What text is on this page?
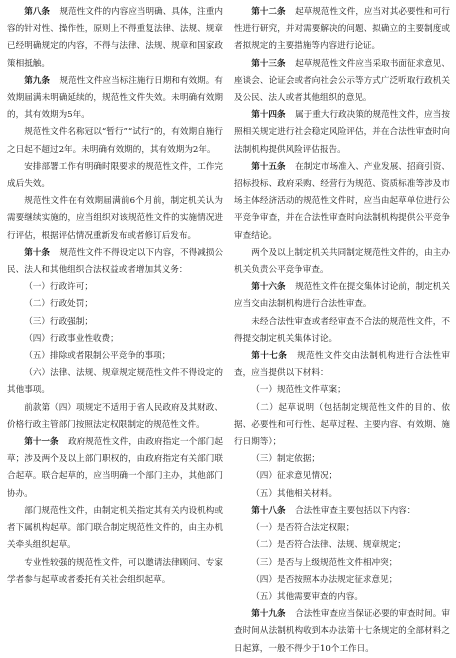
第八条 规范性文件的内容应当明确、具体，注重内容的针对性、操作性，原则上不得重复法律、法规、规章已经明确规定的内容，不得与法律、法规、规章和国家政策相抵触。

第九条 规范性文件应当标注施行日期和有效期。有效期届满未明确延续的，规范性文件失效。未明确有效期的，其有效期为5年。

规范性文件名称冠以“暂行”“试行”的，有效期自施行之日起不超过2年。未明确有效期的，其有效期为2年。

安排部署工作有明确时限要求的规范性文件，工作完成后失效。

规范性文件在有效期届满前6个月前，制定机关认为需要继续实施的，应当组织对该规范性文件的实施情况进行评估，根据评估情况重新发布或者修订后发布。

第十条 规范性文件不得设定以下内容，不得减损公民、法人和其他组织合法权益或者增加其义务：

（一）行政许可；

（二）行政处罚；

（三）行政强制；

（四）行政事业性收费；

（五）排除或者限制公平竞争的事项；

（六）法律、法规、规章规定规范性文件不得设定的其他事项。

前款第（四）项规定不适用于省人民政府及其财政、价格行政主管部门按照法定权限制定的规范性文件。

第十一条 政府规范性文件，由政府指定一个部门起草；涉及两个及以上部门职权的，由政府指定有关部门联合起草。联合起草的，应当明确一个部门主办，其他部门协办。

部门规范性文件，由制定机关指定其有关内设机构或者下属机构起草。部门联合制定规范性文件的，由主办机关牵头组织起草。

专业性较强的规范性文件，可以邀请法律顾问、专家学者参与起草或者委托有关社会组织起草。

第十二条 起草规范性文件，应当对其必要性和可行性进行研究，并对需要解决的问题、拟确立的主要制度或者拟规定的主要措施等内容进行论证。

第十三条 起草规范性文件应当采取书面征求意见、座谈会、论证会或者向社会公示等方式广泛听取行政机关及公民、法人或者其他组织的意见。

第十四条 属于重大行政决策的规范性文件，应当按照相关规定进行社会稳定风险评估，并在合法性审查时向法制机构提供风险评估报告。

第十五条 在制定市场准入、产业发展、招商引资、招标投标、政府采购、经营行为规范、资质标准等涉及市场主体经济活动的规范性文件时，应当由起草单位进行公平竞争审查，并在合法性审查时向法制机构提供公平竞争审查结论。

两个及以上制定机关共同制定规范性文件的，由主办机关负责公平竞争审查。

第十六条 规范性文件在提交集体讨论前，制定机关应当交由法制机构进行合法性审查。

未经合法性审查或者经审查不合法的规范性文件，不得提交制定机关集体讨论。

第十七条 规范性文件交由法制机构进行合法性审查，应当提供以下材料：

（一）规范性文件草案；

（二）起草说明（包括制定规范性文件的目的、依据、必要性和可行性、起草过程、主要内容、有效期、施行日期等）；

（三）制定依据；

（四）征求意见情况；

（五）其他相关材料。

第十八条 合法性审查主要包括以下内容：

（一）是否符合法定权限；

（二）是否符合法律、法规、规章规定；

（三）是否与上级规范性文件相冲突；

（四）是否按照本办法规定征求意见；

（五）其他需要审查的内容。

第十九条 合法性审查应当保证必要的审查时间。审查时间从法制机构收到本办法第十七条规定的全部材料之日起算，一般不得少于10个工作日。
